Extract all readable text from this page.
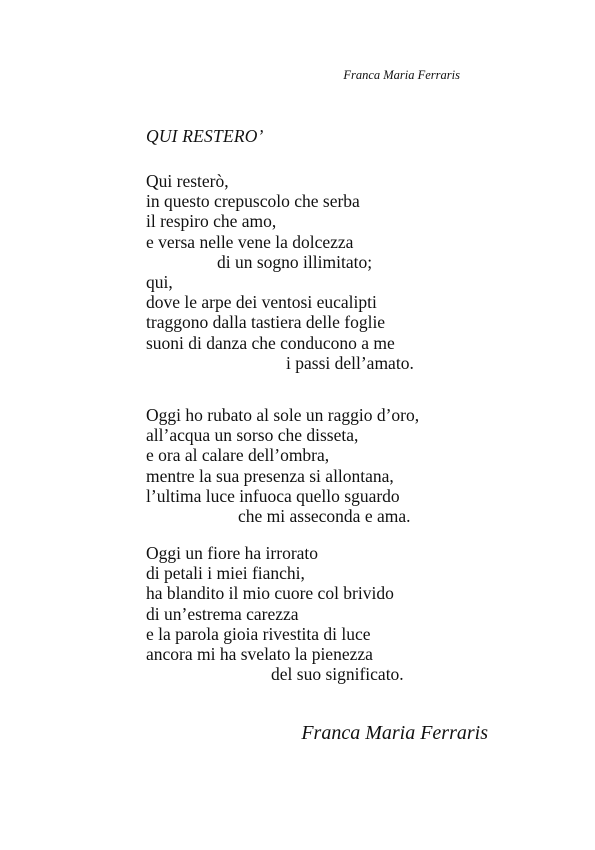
Franca Maria Ferraris
QUI RESTERO’
Qui resterò,
in questo crepuscolo che serba
il respiro che amo,
e versa nelle vene la dolcezza
di un sogno illimitato;
qui,
dove le arpe dei ventosi eucalipti
traggono dalla tastiera delle foglie
suoni di danza che conducono a me
i passi dell’amato.
Oggi ho rubato al sole un raggio d’oro,
all’acqua un sorso che disseta,
e ora al calare dell’ombra,
mentre la sua presenza si allontana,
l’ultima luce infuoca quello sguardo
che mi asseconda e ama.
Oggi un fiore ha irrorato
di petali i miei fianchi,
ha blandito il mio cuore col brivido
di un’estrema carezza
e la parola gioia rivestita di luce
ancora mi ha svelato la pienezza
del suo significato.
Franca Maria Ferraris
